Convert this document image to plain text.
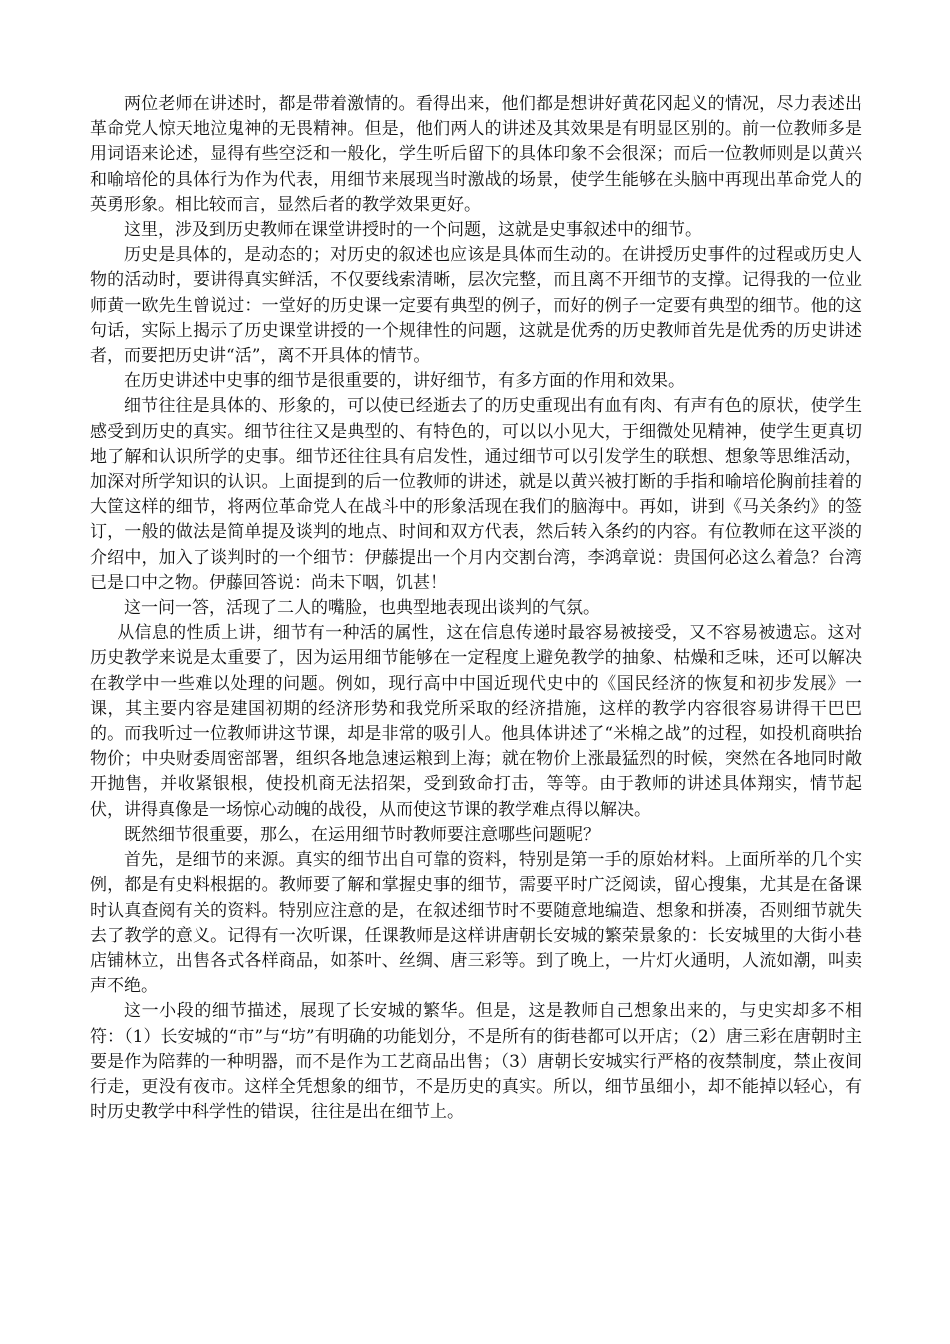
两位老师在讲述时，都是带着激情的。看得出来，他们都是想讲好黄花冈起义的情况，尽力表述出革命党人惊天地泣鬼神的无畏精神。但是，他们两人的讲述及其效果是有明显区别的。前一位教师多是用词语来论述，显得有些空泛和一般化，学生听后留下的具体印象不会很深；而后一位教师则是以黄兴和喻培伦的具体行为作为代表，用细节来展现当时激战的场景，使学生能够在头脑中再现出革命党人的英勇形象。相比较而言，显然后者的教学效果更好。

这里，涉及到历史教师在课堂讲授时的一个问题，这就是史事叙述中的细节。

历史是具体的，是动态的；对历史的叙述也应该是具体而生动的。在讲授历史事件的过程或历史人物的活动时，要讲得真实鲜活，不仅要线索清晰，层次完整，而且离不开细节的支撑。记得我的一位业师黄一欧先生曾说过：一堂好的历史课一定要有典型的例子，而好的例子一定要有典型的细节。他的这句话，实际上揭示了历史课堂讲授的一个规律性的问题，这就是优秀的历史教师首先是优秀的历史讲述者，而要把历史讲“活”，离不开具体的情节。

在历史讲述中史事的细节是很重要的，讲好细节，有多方面的作用和效果。

细节往往是具体的、形象的，可以使已经逝去了的历史重现出有血有肉、有声有色的原状，使学生感受到历史的真实。细节往往又是典型的、有特色的，可以以小见大，于细微处见精神，使学生更真切地了解和认识所学的史事。细节还往往具有启发性，通过细节可以引发学生的联想、想象等思维活动，加深对所学知识的认识。上面提到的后一位教师的讲述，就是以黄兴被打断的手指和喻培伦胸前挂着的大筐这样的细节，将两位革命党人在战斗中的形象活现在我们的脑海中。再如，讲到《马关条约》的签订，一般的做法是简单提及谈判的地点、时间和双方代表，然后转入条约的内容。有位教师在这平淡的介绍中，加入了谈判时的一个细节：伊藤提出一个月内交割台湾，李鸿章说：贵国何必这么着急？台湾已是口中之物。伊藤回答说：尚未下咽，饥甚！

这一问一答，活现了二人的嘴脸，也典型地表现出谈判的气氛。

从信息的性质上讲，细节有一种活的属性，这在信息传递时最容易被接受，又不容易被遗忘。这对历史教学来说是太重要了，因为运用细节能够在一定程度上避免教学的抽象、枯燥和乏味，还可以解决在教学中一些难以处理的问题。例如，现行高中中国近现代史中的《国民经济的恢复和初步发展》一课，其主要内容是建国初期的经济形势和我党所采取的经济措施，这样的教学内容很容易讲得干巴巴的。而我听过一位教师讲这节课，却是非常的吸引人。他具体讲述了“米棉之战”的过程，如投机商哄抬物价；中央财委周密部署，组织各地急速运粮到上海；就在物价上涨最猛烈的时候，突然在各地同时敞开抛售，并收紧银根，使投机商无法招架，受到致命打击，等等。由于教师的讲述具体翔实，情节起伏，讲得真像是一场惊心动魄的战役，从而使这节课的教学难点得以解决。

既然细节很重要，那么，在运用细节时教师要注意哪些问题呢？

首先，是细节的来源。真实的细节出自可靠的资料，特别是第一手的原始材料。上面所举的几个实例，都是有史料根据的。教师要了解和掌握史事的细节，需要平时广泛阅读，留心搜集，尤其是在备课时认真查阅有关的资料。特别应注意的是，在叙述细节时不要随意地编造、想象和拼凑，否则细节就失去了教学的意义。记得有一次听课，任课教师是这样讲唐朝长安城的繁荣景象的：长安城里的大街小巷店铺林立，出售各式各样商品，如茶叶、丝绸、唐三彩等。到了晚上，一片灯火通明，人流如潮，叫卖声不绝。

这一小段的细节描述，展现了长安城的繁华。但是，这是教师自己想象出来的，与史实却多不相符：（1）长安城的“市”与“坊”有明确的功能划分，不是所有的街巷都可以开店；（2）唐三彩在唐朝时主要是作为陪葬的一种明器，而不是作为工艺商品出售；（3）唐朝长安城实行严格的夜禁制度，禁止夜间行走，更没有夜市。这样全凭想象的细节，不是历史的真实。所以，细节虽细小，却不能掉以轻心，有时历史教学中科学性的错误，往往是出在细节上。
